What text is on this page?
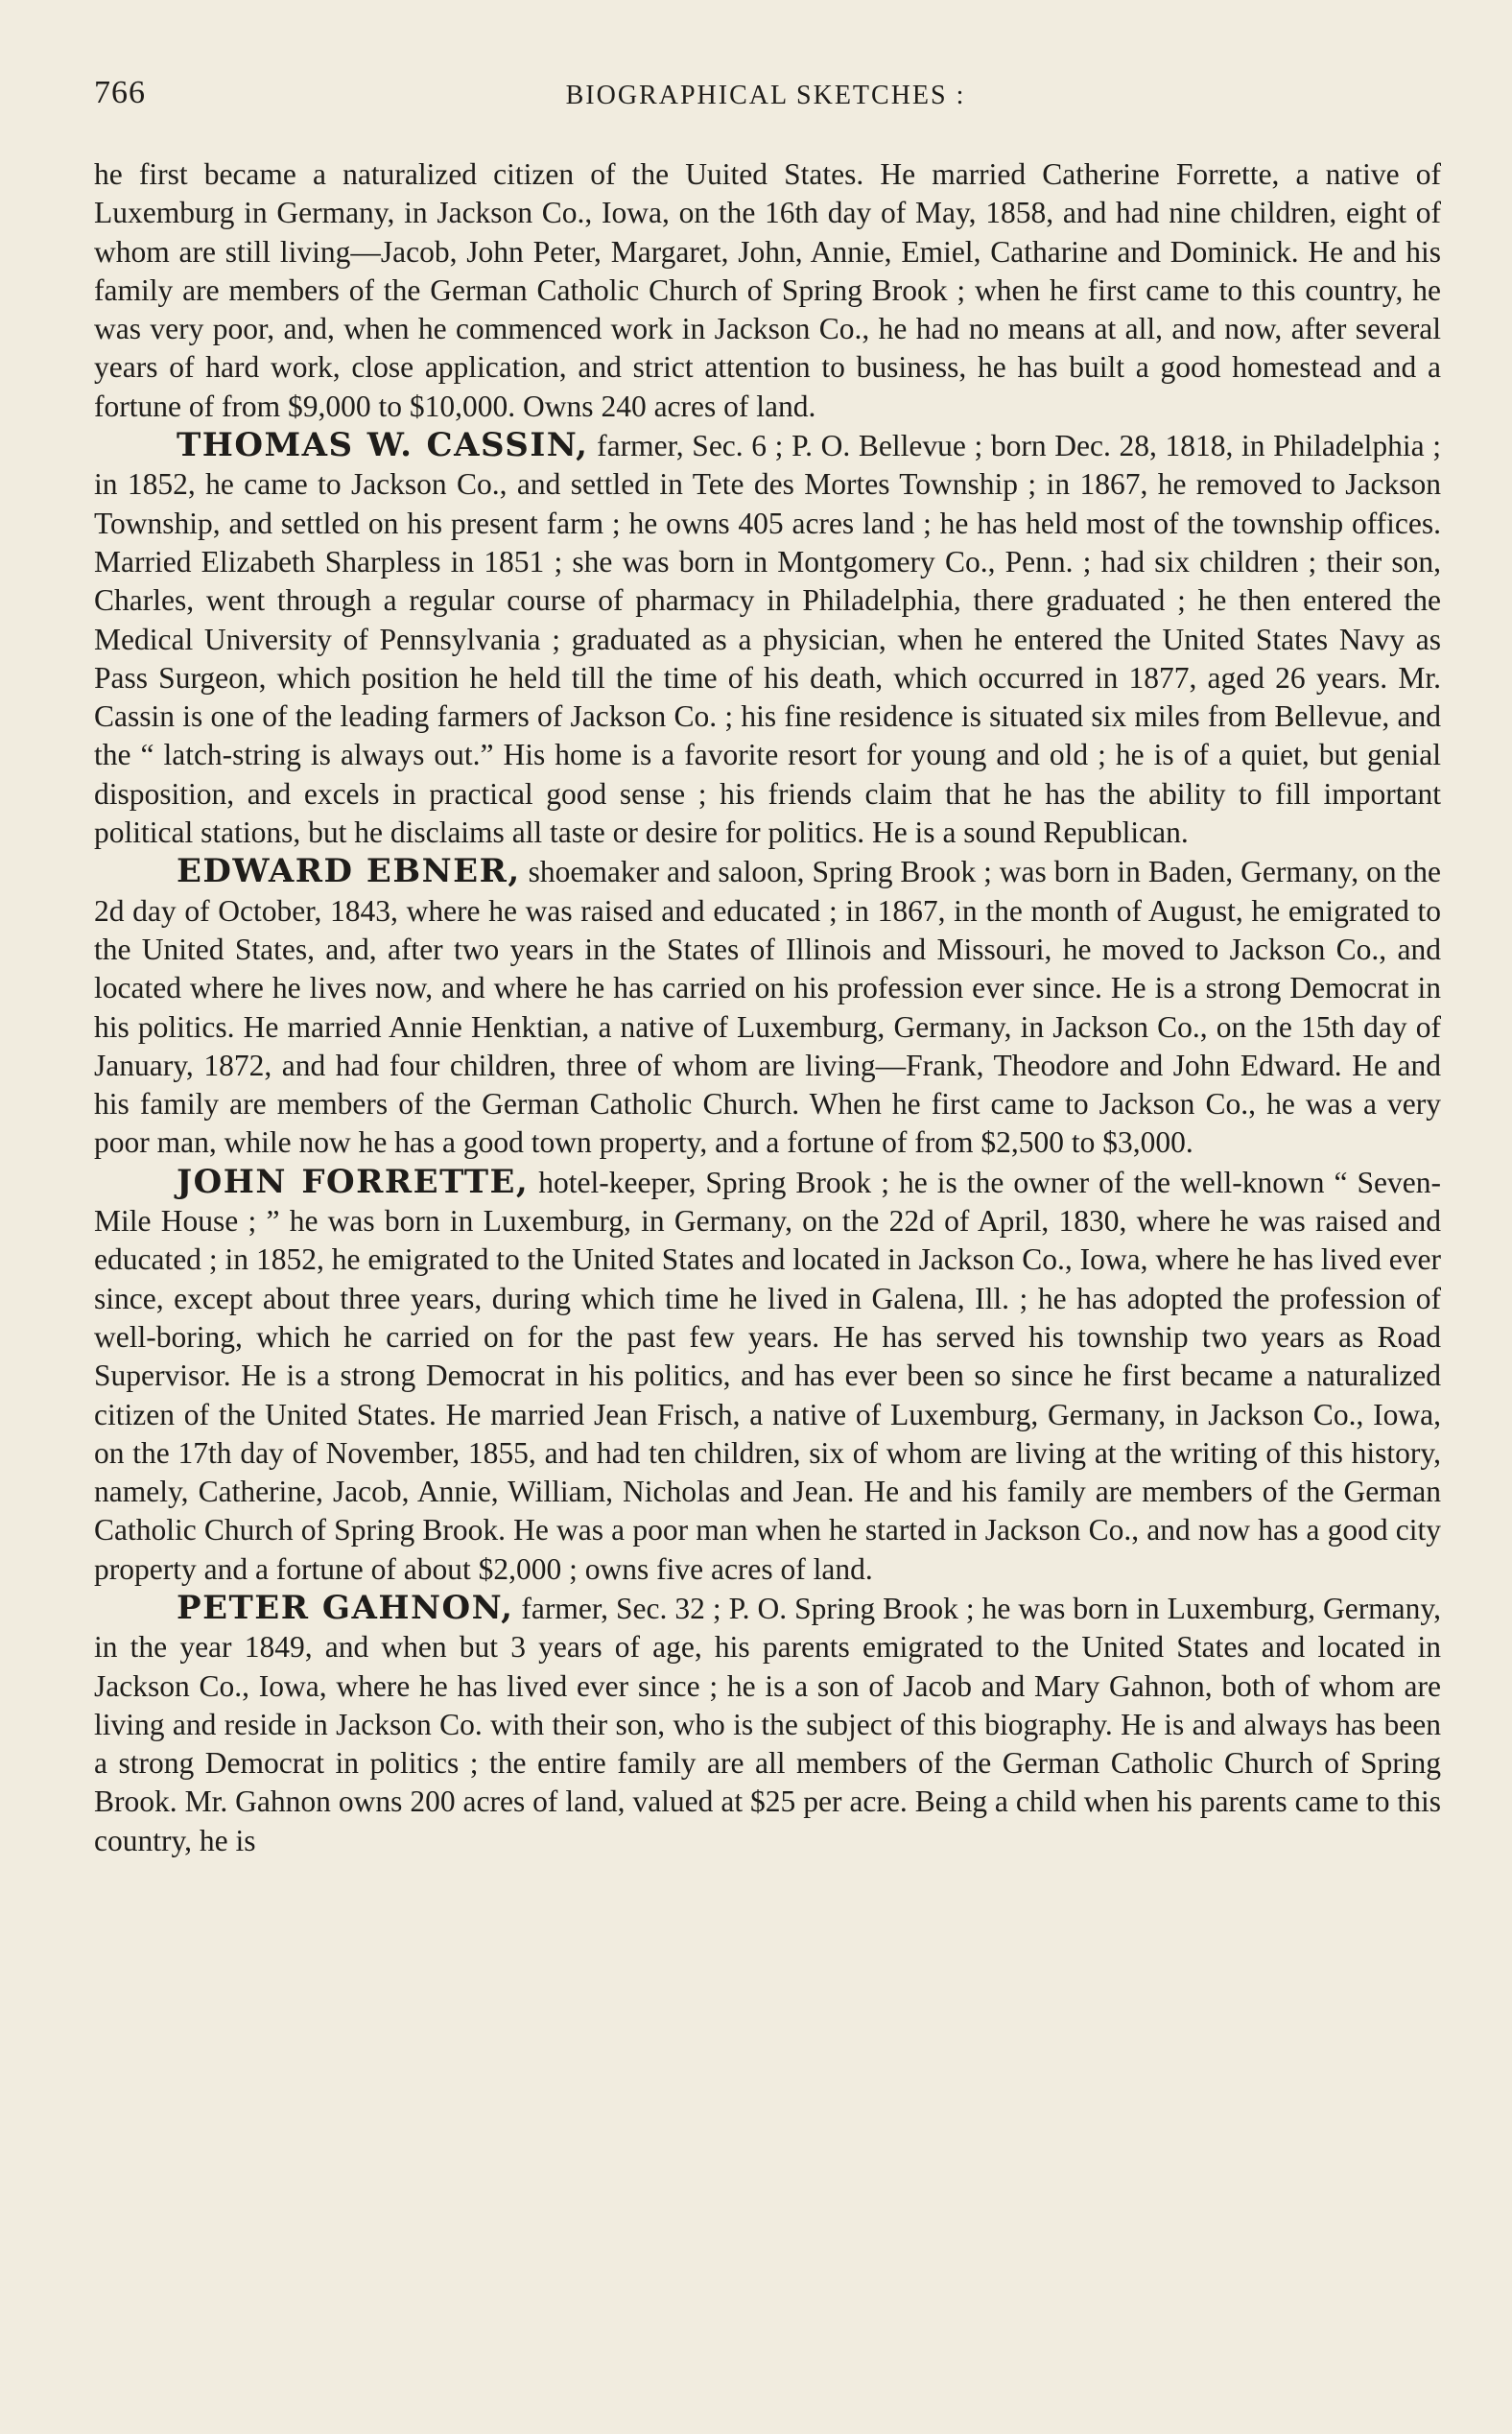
766	BIOGRAPHICAL SKETCHES :

he first became a naturalized citizen of the Uuited States. He married Catherine Forrette, a native of Luxemburg in Germany, in Jackson Co., Iowa, on the 16th day of May, 1858, and had nine children, eight of whom are still living—Jacob, John Peter, Margaret, John, Annie, Emiel, Catharine and Dominick. He and his family are members of the German Catholic Church of Spring Brook ; when he first came to this country, he was very poor, and, when he commenced work in Jackson Co., he had no means at all, and now, after several years of hard work, close application, and strict attention to business, he has built a good homestead and a fortune of from $9,000 to $10,000. Owns 240 acres of land.

THOMAS W. CASSIN, farmer, Sec. 6 ; P. O. Bellevue ; born Dec. 28, 1818, in Philadelphia ; in 1852, he came to Jackson Co., and settled in Tete des Mortes Township ; in 1867, he removed to Jackson Township, and settled on his present farm ; he owns 405 acres land ; he has held most of the township offices. Married Elizabeth Sharpless in 1851 ; she was born in Montgomery Co., Penn. ; had six children ; their son, Charles, went through a regular course of pharmacy in Philadelphia, there graduated ; he then entered the Medical University of Pennsylvania ; graduated as a physician, when he entered the United States Navy as Pass Surgeon, which position he held till the time of his death, which occurred in 1877, aged 26 years. Mr. Cassin is one of the leading farmers of Jackson Co. ; his fine residence is situated six miles from Bellevue, and the “ latch-string is always out.” His home is a favorite resort for young and old ; he is of a quiet, but genial disposition, and excels in practical good sense ; his friends claim that he has the ability to fill important political stations, but he disclaims all taste or desire for politics. He is a sound Republican.

EDWARD EBNER, shoemaker and saloon, Spring Brook ; was born in Baden, Germany, on the 2d day of October, 1843, where he was raised and educated ; in 1867, in the month of August, he emigrated to the United States, and, after two years in the States of Illinois and Missouri, he moved to Jackson Co., and located where he lives now, and where he has carried on his profession ever since. He is a strong Democrat in his politics. He married Annie Henktian, a native of Luxemburg, Germany, in Jackson Co., on the 15th day of January, 1872, and had four children, three of whom are living—Frank, Theodore and John Edward. He and his family are members of the German Catholic Church. When he first came to Jackson Co., he was a very poor man, while now he has a good town property, and a fortune of from $2,500 to $3,000.

JOHN FORRETTE, hotel-keeper, Spring Brook ; he is the owner of the well-known “ Seven-Mile House ; ” he was born in Luxemburg, in Germany, on the 22d of April, 1830, where he was raised and educated ; in 1852, he emigrated to the United States and located in Jackson Co., Iowa, where he has lived ever since, except about three years, during which time he lived in Galena, Ill. ; he has adopted the profession of well-boring, which he carried on for the past few years. He has served his township two years as Road Supervisor. He is a strong Democrat in his politics, and has ever been so since he first became a naturalized citizen of the United States. He married Jean Frisch, a native of Luxemburg, Germany, in Jackson Co., Iowa, on the 17th day of November, 1855, and had ten children, six of whom are living at the writing of this history, namely, Catherine, Jacob, Annie, William, Nicholas and Jean. He and his family are members of the German Catholic Church of Spring Brook. He was a poor man when he started in Jackson Co., and now has a good city property and a fortune of about $2,000 ; owns five acres of land.

PETER GAHNON, farmer, Sec. 32 ; P. O. Spring Brook ; he was born in Luxemburg, Germany, in the year 1849, and when but 3 years of age, his parents emigrated to the United States and located in Jackson Co., Iowa, where he has lived ever since ; he is a son of Jacob and Mary Gahnon, both of whom are living and reside in Jackson Co. with their son, who is the subject of this biography. He is and always has been a strong Democrat in politics ; the entire family are all members of the German Catholic Church of Spring Brook. Mr. Gahnon owns 200 acres of land, valued at $25 per acre. Being a child when his parents came to this country, he is
